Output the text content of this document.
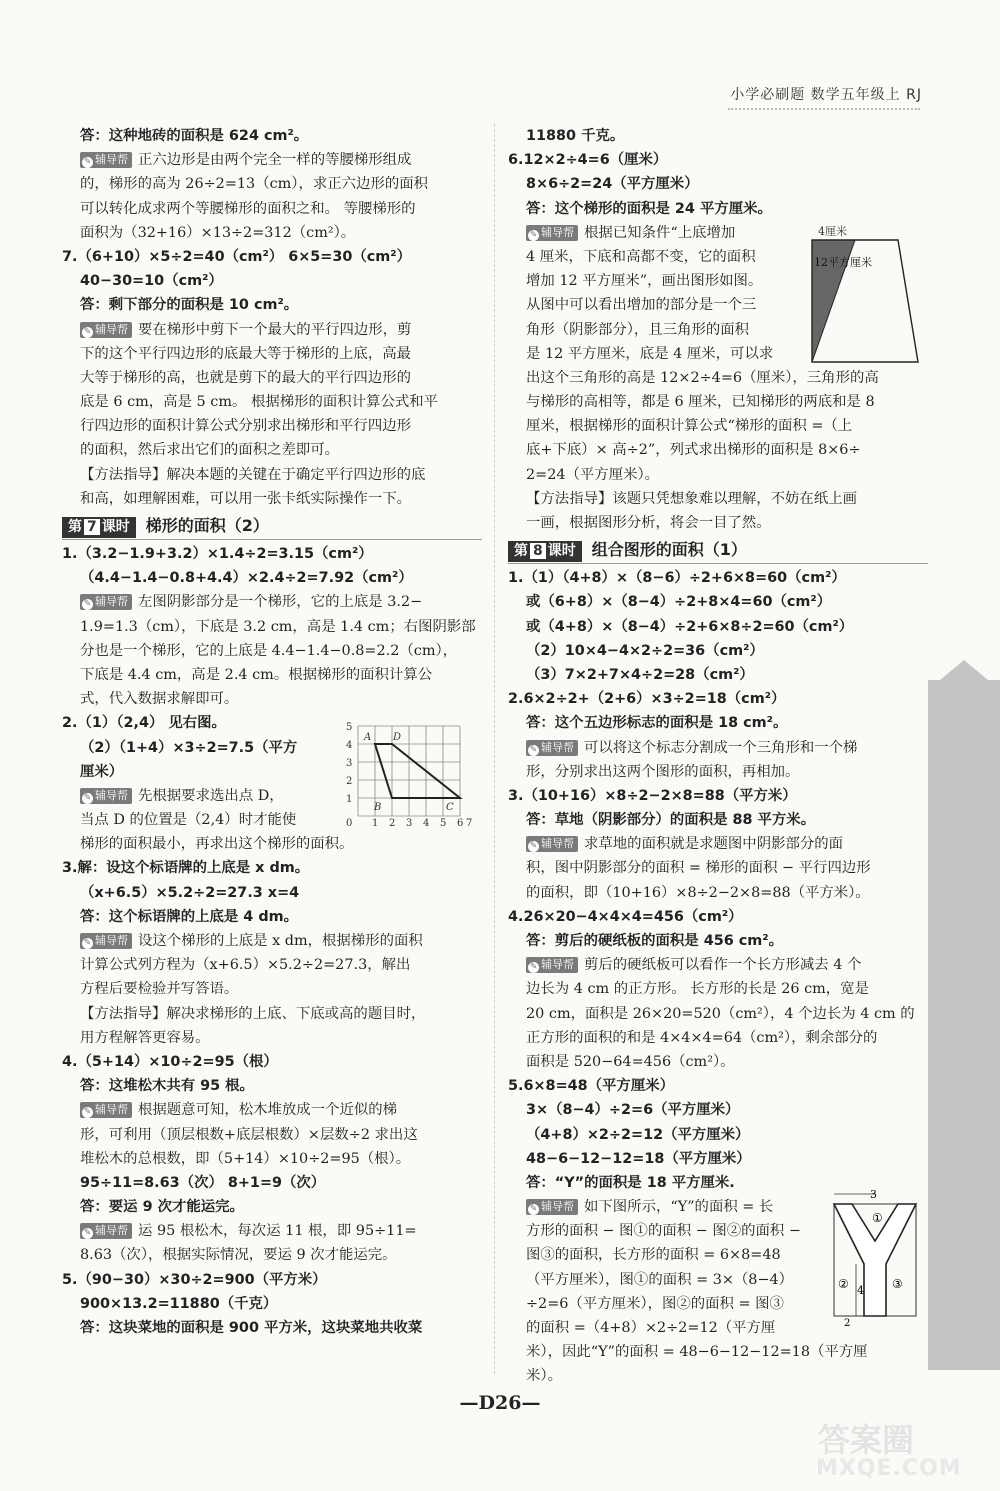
小学必刷题 数学五年级上 RJ
答：这种地砖的面积是 624 cm²。
✎ 辅导帮 正六边形是由两个完全一样的等腰梯形组成
的，梯形的高为 26÷2=13（cm），求正六边形的面积
可以转化成求两个等腰梯形的面积之和。 等腰梯形的
面积为（32+16）×13÷2=312（cm²）。
7.（6+10）×5÷2=40（cm²） 6×5=30（cm²）
40−30=10（cm²）
答：剩下部分的面积是 10 cm²。
✎ 辅导帮 要在梯形中剪下一个最大的平行四边形，剪
下的这个平行四边形的底最大等于梯形的上底，高最
大等于梯形的高，也就是剪下的最大的平行四边形的
底是 6 cm，高是 5 cm。 根据梯形的面积计算公式和平
行四边形的面积计算公式分别求出梯形和平行四边形
的面积，然后求出它们的面积之差即可。
【方法指导】解决本题的关键在于确定平行四边形的底
和高，如理解困难，可以用一张卡纸实际操作一下。
第 7 课时 梯形的面积（2）
1.（3.2−1.9+3.2）×1.4÷2=3.15（cm²）
（4.4−1.4−0.8+4.4）×2.4÷2=7.92（cm²）
✎ 辅导帮 左图阴影部分是一个梯形，它的上底是 3.2−
1.9=1.3（cm），下底是 3.2 cm，高是 1.4 cm；右图阴影部
分也是一个梯形，它的上底是 4.4−1.4−0.8=2.2（cm），
下底是 4.4 cm，高是 2.4 cm。根据梯形的面积计算公
式，代入数据求解即可。
2.（1）（2,4） 见右图。
（2）（1+4）×3÷2=7.5（平方
厘米）
✎ 辅导帮 先根据要求选出点 D，
当点 D 的位置是（2,4）时才能使
梯形的面积最小，再求出这个梯形的面积。
3.解：设这个标语牌的上底是 x dm。
（x+6.5）×5.2÷2=27.3 x=4
答：这个标语牌的上底是 4 dm。
✎ 辅导帮 设这个梯形的上底是 x dm，根据梯形的面积
计算公式列方程为（x+6.5）×5.2÷2=27.3，解出
方程后要检验并写答语。
【方法指导】解决求梯形的上底、下底或高的题目时，
用方程解答更容易。
4.（5+14）×10÷2=95（根）
答：这堆松木共有 95 根。
✎ 辅导帮 根据题意可知，松木堆放成一个近似的梯
形，可利用（顶层根数+底层根数）×层数÷2 求出这
堆松木的总根数，即（5+14）×10÷2=95（根）。
95÷11=8.63（次） 8+1=9（次）
答：要运 9 次才能运完。
✎ 辅导帮 运 95 根松木，每次运 11 根，即 95÷11=
8.63（次），根据实际情况，要运 9 次才能运完。
5.（90−30）×30÷2=900（平方米）
900×13.2=11880（千克）
答：这块菜地的面积是 900 平方米，这块菜地共收菜
11880 千克。
6.12×2÷4=6（厘米）
8×6÷2=24（平方厘米）
答：这个梯形的面积是 24 平方厘米。
✎ 辅导帮 根据已知条件“上底增加
4 厘米，下底和高都不变，它的面积
增加 12 平方厘米”，画出图形如图。
从图中可以看出增加的部分是一个三
角形（阴影部分），且三角形的面积
是 12 平方厘米，底是 4 厘米，可以求
出这个三角形的高是 12×2÷4=6（厘米），三角形的高
与梯形的高相等，都是 6 厘米，已知梯形的两底和是 8
厘米，根据梯形的面积计算公式“梯形的面积 =（上
底+下底）× 高÷2”，列式求出梯形的面积是 8×6÷
2=24（平方厘米）。
【方法指导】该题只凭想象难以理解，不妨在纸上画
一画，根据图形分析，将会一目了然。
第 8 课时 组合图形的面积（1）
1.（1）（4+8）×（8−6）÷2+6×8=60（cm²）
或（6+8）×（8−4）÷2+8×4=60（cm²）
或（4+8）×（8−4）÷2+6×8÷2=60（cm²）
（2）10×4−4×2÷2=36（cm²）
（3）7×2+7×4÷2=28（cm²）
2.6×2÷2+（2+6）×3÷2=18（cm²）
答：这个五边形标志的面积是 18 cm²。
✎ 辅导帮 可以将这个标志分割成一个三角形和一个梯
形，分别求出这两个图形的面积，再相加。
3.（10+16）×8÷2−2×8=88（平方米）
答：草地（阴影部分）的面积是 88 平方米。
✎ 辅导帮 求草地的面积就是求题图中阴影部分的面
积，图中阴影部分的面积 = 梯形的面积 − 平行四边形
的面积，即（10+16）×8÷2−2×8=88（平方米）。
4.26×20−4×4×4=456（cm²）
答：剪后的硬纸板的面积是 456 cm²。
✎ 辅导帮 剪后的硬纸板可以看作一个长方形减去 4 个
边长为 4 cm 的正方形。 长方形的长是 26 cm，宽是
20 cm，面积是 26×20=520（cm²），4 个边长为 4 cm 的
正方形的面积的和是 4×4×4=64（cm²），剩余部分的
面积是 520−64=456（cm²）。
5.6×8=48（平方厘米）
3×（8−4）÷2=6（平方厘米）
（4+8）×2÷2=12（平方厘米）
48−6−12−12=18（平方厘米）
答：“Y”的面积是 18 平方厘米.
✎ 辅导帮 如下图所示，“Y”的面积 = 长
方形的面积 − 图①的面积 − 图②的面积 −
图③的面积，长方形的面积 = 6×8=48
（平方厘米），图①的面积 = 3×（8−4）
÷2=6（平方厘米），图②的面积 = 图③
的面积 =（4+8）×2÷2=12（平方厘
米），因此“Y”的面积 = 48−6−12−12=18（平方厘
米）。
1
2
3
4
5
0 1 2 3 4 5 6 7
A D
B	C
4厘米
12平方厘米
3
4
2
①
②	③
—D26—
答案圈
MXQE.COM
